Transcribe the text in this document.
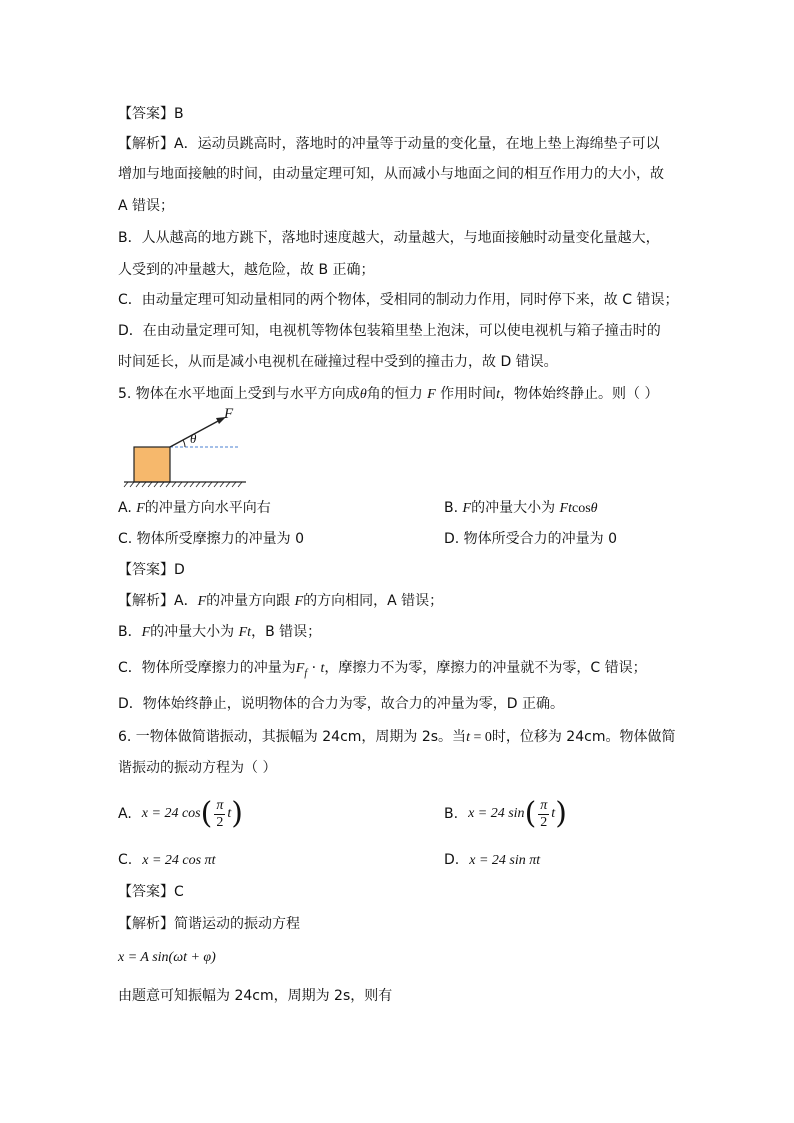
【答案】B
【解析】A．运动员跳高时，落地时的冲量等于动量的变化量，在地上垫上海绵垫子可以
增加与地面接触的时间，由动量定理可知，从而减小与地面之间的相互作用力的大小，故
A 错误；
B．人从越高的地方跳下，落地时速度越大，动量越大，与地面接触时动量变化量越大，
人受到的冲量越大，越危险，故 B 正确；
C．由动量定理可知动量相同的两个物体，受相同的制动力作用，同时停下来，故 C 错误；
D．在由动量定理可知，电视机等物体包装箱里垫上泡沫，可以使电视机与箱子撞击时的
时间延长，从而是减小电视机在碰撞过程中受到的撞击力，故 D 错误。
5. 物体在水平地面上受到与水平方向成θ角的恒力 F 作用时间t，物体始终静止。则（ ）
F
θ
A. F的冲量方向水平向右	B. F的冲量大小为 Ftcosθ
C. 物体所受摩擦力的冲量为 0	D. 物体所受合力的冲量为 0
【答案】D
【解析】A．F的冲量方向跟 F的方向相同，A 错误；
B．F的冲量大小为 Ft，B 错误；
C．物体所受摩擦力的冲量为$F_f \cdot t$，摩擦力不为零，摩擦力的冲量就不为零，C 错误；
D．物体始终静止，说明物体的合力为零，故合力的冲量为零，D 正确。
6. 一物体做简谐振动，其振幅为 24cm，周期为 2s。当t = 0时，位移为 24cm。物体做简
谐振动的振动方程为（ ）
A. x = 24 cos ( $\frac{\pi}{2}$ t )	B. x = 24 sin ( $\frac{\pi}{2}$ t )
C. x = 24 cos πt	D. x = 24 sin πt
【答案】C
【解析】简谐运动的振动方程
x = A sin(ωt + φ)
由题意可知振幅为 24cm，周期为 2s，则有
